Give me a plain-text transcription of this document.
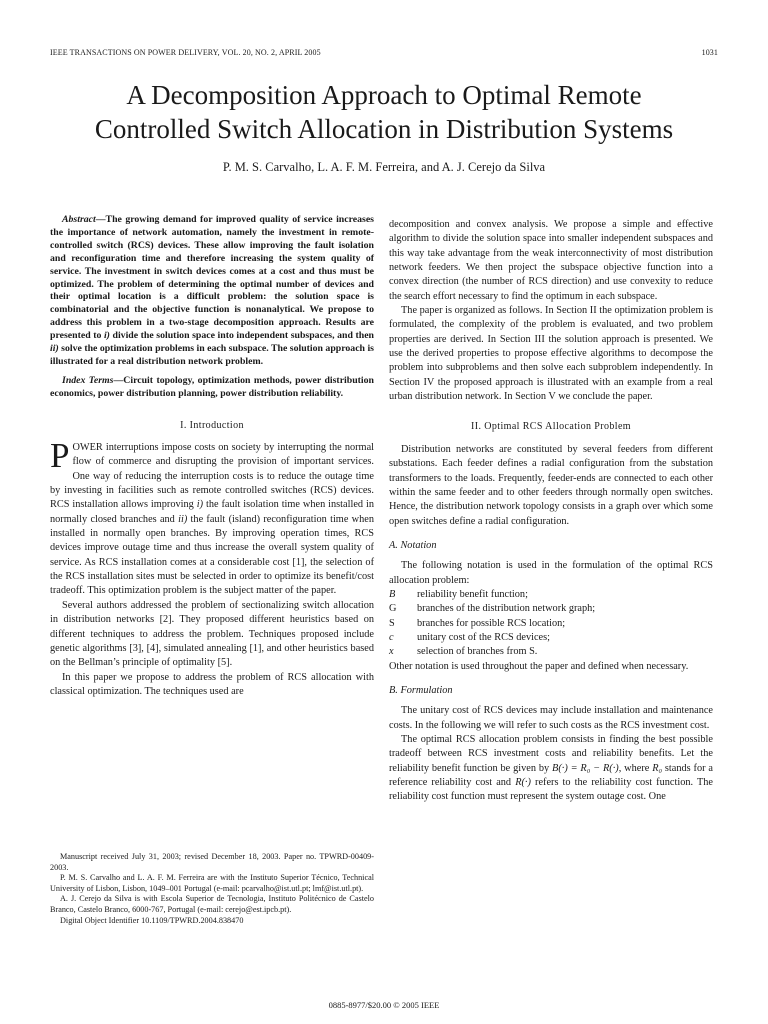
IEEE TRANSACTIONS ON POWER DELIVERY, VOL. 20, NO. 2, APRIL 2005	1031
A Decomposition Approach to Optimal Remote
Controlled Switch Allocation in Distribution Systems
P. M. S. Carvalho, L. A. F. M. Ferreira, and A. J. Cerejo da Silva

Abstract—The growing demand for improved quality of service increases the importance of network automation, namely the investment in remote-controlled switch (RCS) devices. These allow improving the fault isolation and reconfiguration time and therefore increasing the system quality of service. The investment in switch devices comes at a cost and thus must be optimized. The problem of determining the optimal number of devices and their optimal location is a difficult problem: the solution space is combinatorial and the objective function is nonanalytical. We propose to address this problem in a two-stage decomposition approach. Results are presented to i) divide the solution space into independent subspaces, and then ii) solve the optimization problems in each subspace. The solution approach is illustrated for a real distribution network problem.

Index Terms—Circuit topology, optimization methods, power distribution economics, power distribution planning, power distribution reliability.

I. Introduction

POWER interruptions impose costs on society by interrupting the normal flow of commerce and disrupting the provision of important services. One way of reducing the interruption costs is to reduce the outage time by investing in facilities such as remote controlled switches (RCS) devices. RCS installation allows improving i) the fault isolation time when installed in normally closed branches and ii) the fault (island) reconfiguration time when installed in normally open branches. By improving operation times, RCS devices improve outage time and thus increase the overall system quality of service. As RCS installation comes at a considerable cost [1], the selection of the RCS installation sites must be selected in order to optimize its benefit/cost tradeoff. This optimization problem is the subject matter of the paper.

Several authors addressed the problem of sectionalizing switch allocation in distribution networks [2]. They proposed different heuristics based on different techniques to address the problem. Techniques proposed include genetic algorithms [3], [4], simulated annealing [1], and other heuristics based on the Bellman’s principle of optimality [5].

In this paper we propose to address the problem of RCS allocation with classical optimization. The techniques used are

Manuscript received July 31, 2003; revised December 18, 2003. Paper no. TPWRD-00409-2003.

P. M. S. Carvalho and L. A. F. M. Ferreira are with the Instituto Superior Técnico, Technical University of Lisbon, Lisbon, 1049–001 Portugal (e-mail: pcarvalho@ist.utl.pt; lmf@ist.utl.pt).

A. J. Cerejo da Silva is with Escola Superior de Tecnologia, Instituto Politécnico de Castelo Branco, Castelo Branco, 6000-767, Portugal (e-mail: cerejo@est.ipcb.pt).

Digital Object Identifier 10.1109/TPWRD.2004.838470

decomposition and convex analysis. We propose a simple and effective algorithm to divide the solution space into smaller independent subspaces and this way take advantage from the weak interconnectivity of most distribution network feeders. We then project the subspace objective function into a convex direction (the number of RCS direction) and use convexity to reduce the search effort necessary to find the optimum in each subspace.

The paper is organized as follows. In Section II the optimization problem is formulated, the complexity of the problem is evaluated, and two problem properties are derived. In Section III the solution approach is presented. We use the derived properties to propose effective algorithms to decompose the problem into subproblems and then solve each subproblem independently. In Section IV the proposed approach is illustrated with an example from a real urban distribution network. In Section V we conclude the paper.

II. Optimal RCS Allocation Problem

Distribution networks are constituted by several feeders from different substations. Each feeder defines a radial configuration from the substation transformers to the loads. Frequently, feeder-ends are connected to each other within the same feeder and to other feeders through normally open switches. Hence, the distribution network topology consists in a graph over which some open switches define a radial configuration.

A. Notation

The following notation is used in the formulation of the optimal RCS allocation problem:

B	reliability benefit function;
G	branches of the distribution network graph;
S	branches for possible RCS location;
c	unitary cost of the RCS devices;
x	selection of branches from S.

Other notation is used throughout the paper and defined when necessary.

B. Formulation

The unitary cost of RCS devices may include installation and maintenance costs. In the following we will refer to such costs as the RCS investment cost.

The optimal RCS allocation problem consists in finding the best possible tradeoff between RCS investment costs and reliability benefits. Let the reliability benefit function be given by B(·) = R₀ − R(·), where R₀ stands for a reference reliability cost and R(·) refers to the reliability cost function. The reliability cost function must represent the system outage cost. One

0885-8977/$20.00 © 2005 IEEE
